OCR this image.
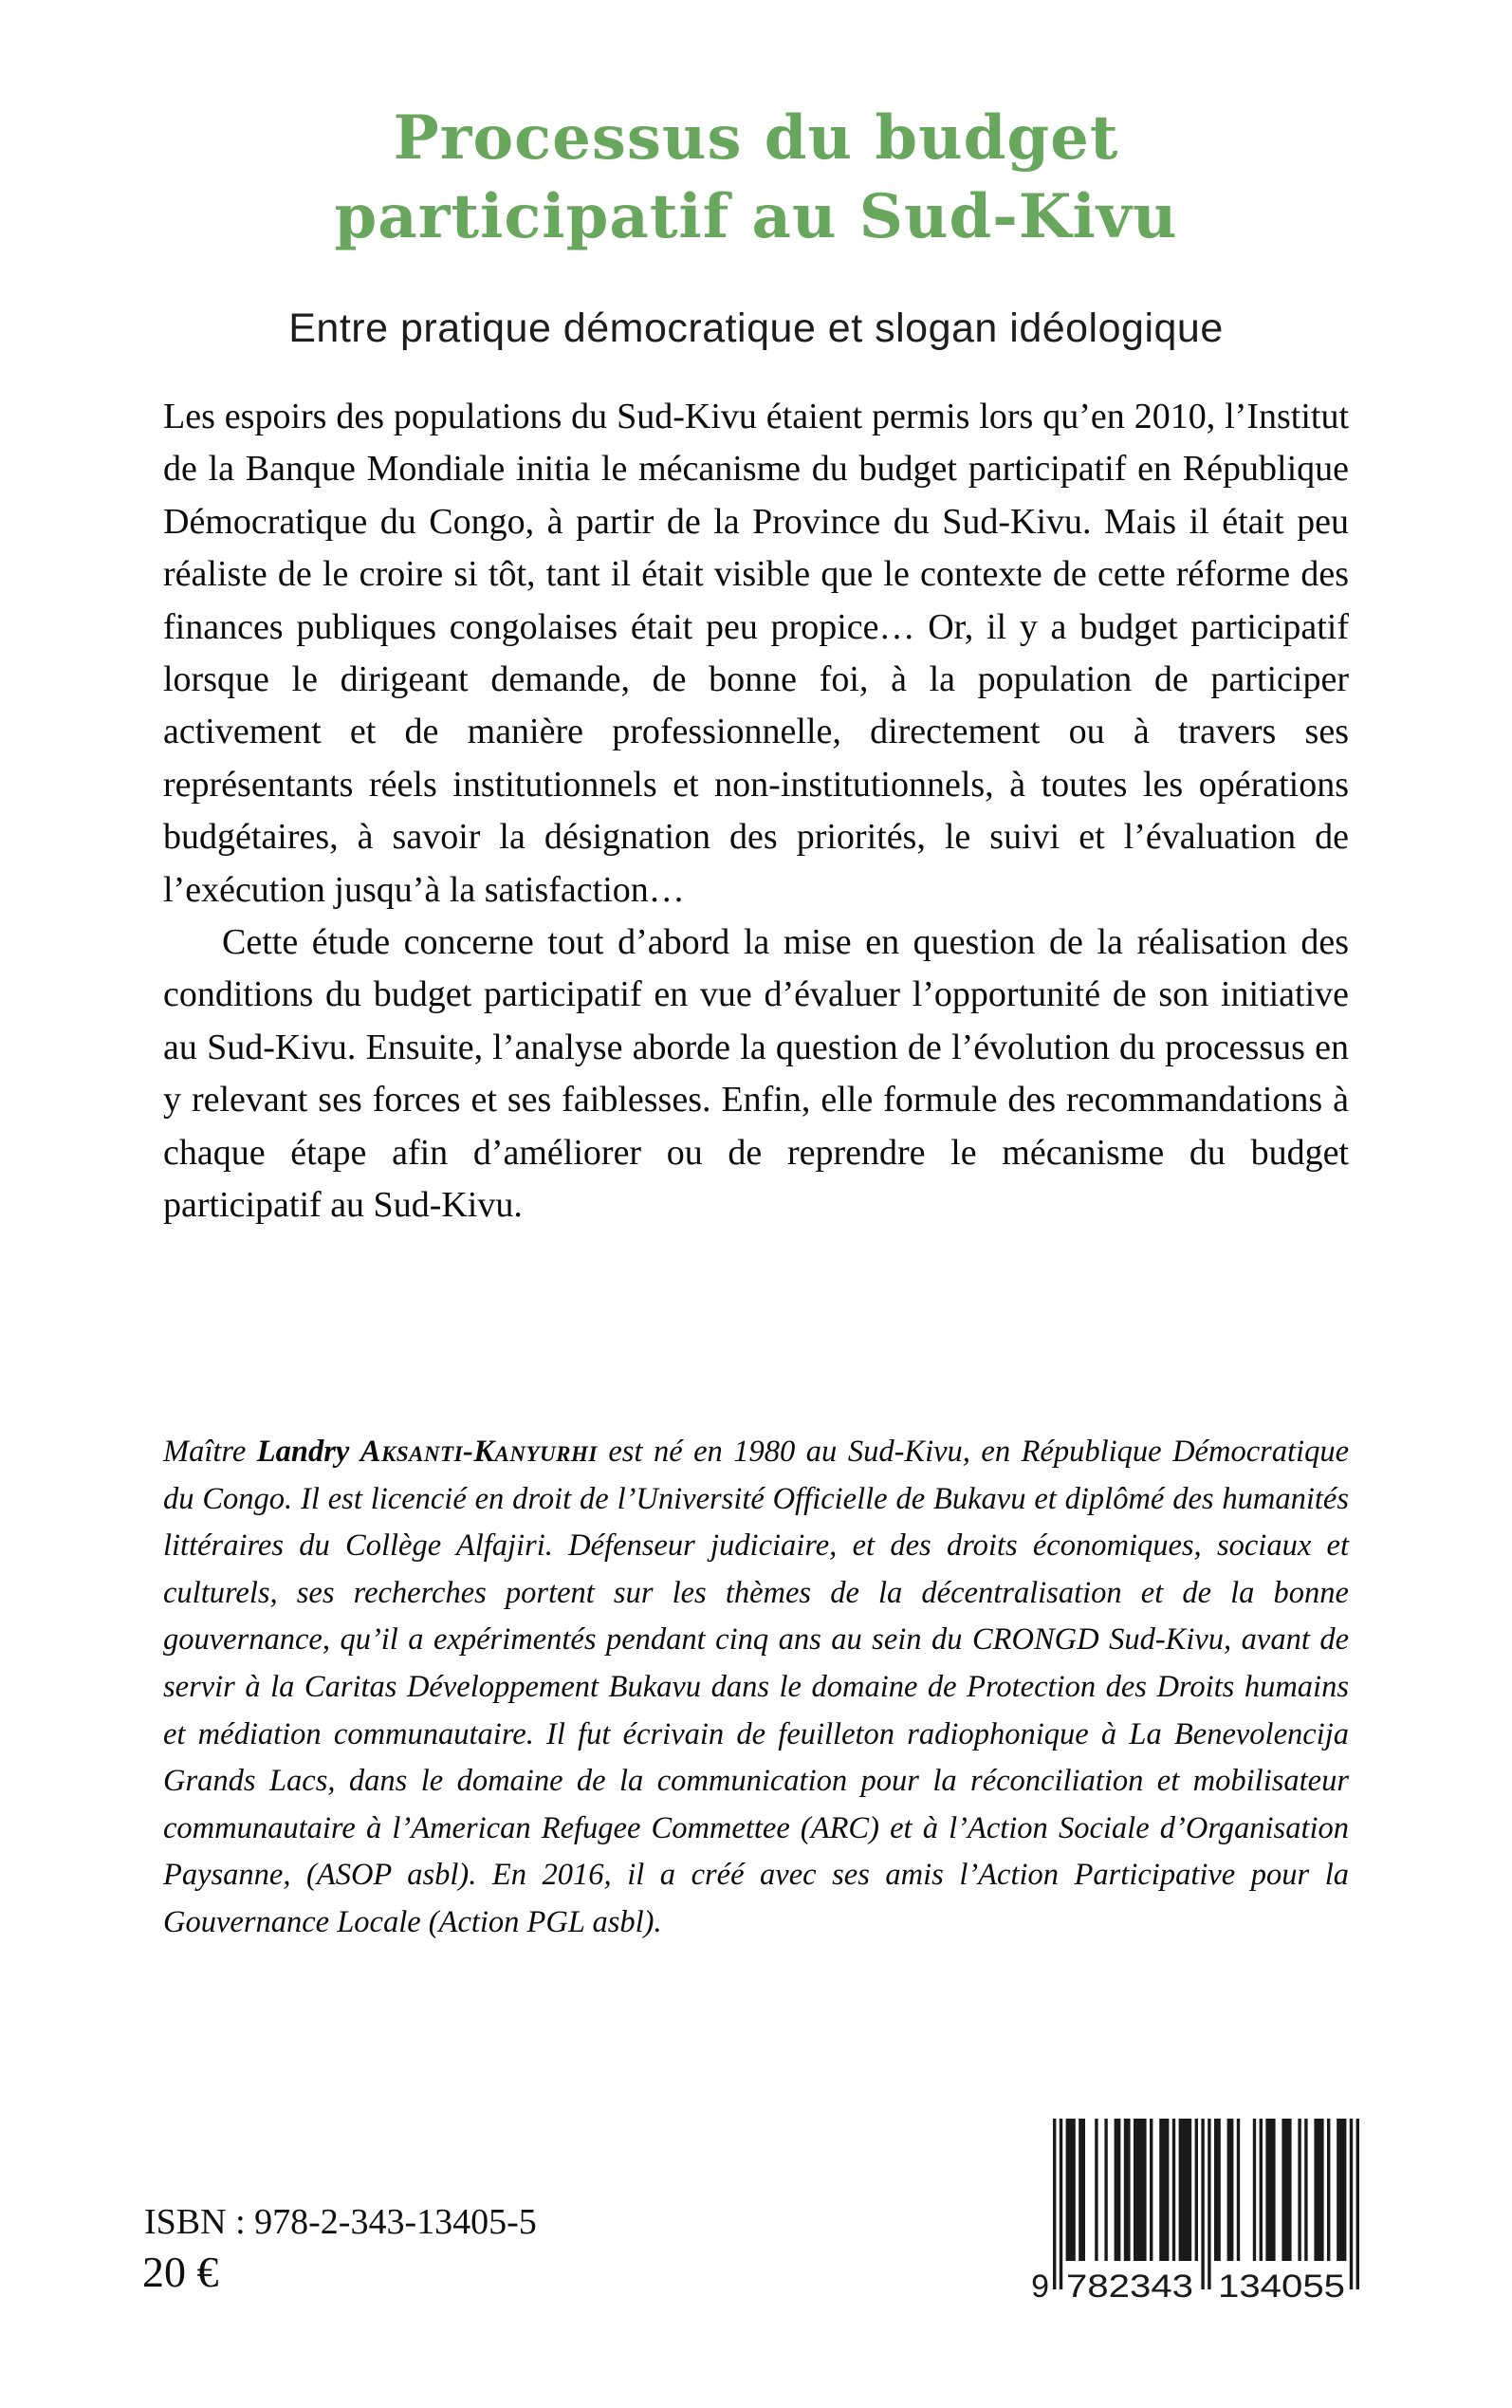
Processus du budget
participatif au Sud-Kivu

Entre pratique démocratique et slogan idéologique

Les espoirs des populations du Sud-Kivu étaient permis lors qu’en 2010, l’Institut de la Banque Mondiale initia le mécanisme du budget participatif en République Démocratique du Congo, à partir de la Province du Sud-Kivu. Mais il était peu réaliste de le croire si tôt, tant il était visible que le contexte de cette réforme des finances publiques congolaises était peu propice… Or, il y a budget participatif lorsque le dirigeant demande, de bonne foi, à la population de participer activement et de manière professionnelle, directement ou à travers ses représentants réels institutionnels et non-institutionnels, à toutes les opérations budgétaires, à savoir la désignation des priorités, le suivi et l’évaluation de l’exécution jusqu’à la satisfaction…

Cette étude concerne tout d’abord la mise en question de la réalisation des conditions du budget participatif en vue d’évaluer l’opportunité de son initiative au Sud-Kivu. Ensuite, l’analyse aborde la question de l’évolution du processus en y relevant ses forces et ses faiblesses. Enfin, elle formule des recommandations à chaque étape afin d’améliorer ou de reprendre le mécanisme du budget participatif au Sud-Kivu.

Maître Landry Aksanti-Kanyurhi est né en 1980 au Sud-Kivu, en République Démocratique du Congo. Il est licencié en droit de l’Université Officielle de Bukavu et diplômé des humanités littéraires du Collège Alfajiri. Défenseur judiciaire, et des droits économiques, sociaux et culturels, ses recherches portent sur les thèmes de la décentralisation et de la bonne gouvernance, qu’il a expérimentés pendant cinq ans au sein du CRONGD Sud-Kivu, avant de servir à la Caritas Développement Bukavu dans le domaine de Protection des Droits humains et médiation communautaire. Il fut écrivain de feuilleton radiophonique à La Benevolencija Grands Lacs, dans le domaine de la communication pour la réconciliation et mobilisateur communautaire à l’American Refugee Commettee (ARC) et à l’Action Sociale d’Organisation Paysanne, (ASOP asbl). En 2016, il a créé avec ses amis l’Action Participative pour la Gouvernance Locale (Action PGL asbl).

ISBN : 978-2-343-13405-5
20 €	9 782343 134055
